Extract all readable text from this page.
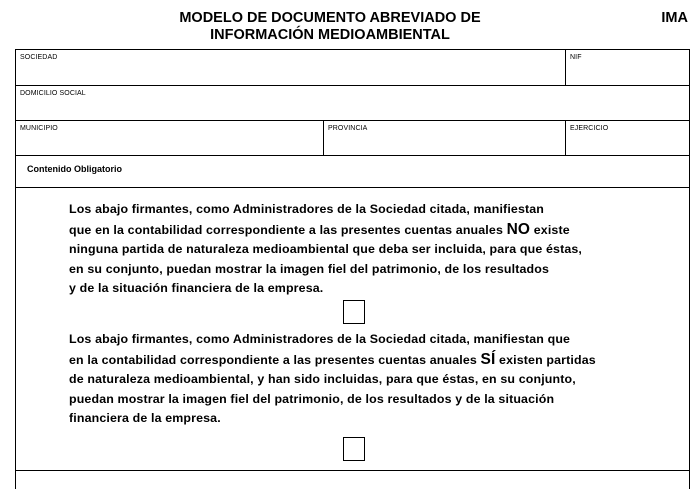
MODELO DE DOCUMENTO ABREVIADO DE
INFORMACIÓN MEDIOAMBIENTAL
IMA
SOCIEDAD	NIF
DOMICILIO SOCIAL
MUNICIPIO	PROVINCIA	EJERCICIO
Contenido Obligatorio
Los abajo firmantes, como Administradores de la Sociedad citada, manifiestan
que en la contabilidad correspondiente a las presentes cuentas anuales NO existe
ninguna partida de naturaleza medioambiental que deba ser incluida, para que éstas,
en su conjunto, puedan mostrar la imagen fiel del patrimonio, de los resultados
y de la situación financiera de la empresa.
Los abajo firmantes, como Administradores de la Sociedad citada, manifiestan que
en la contabilidad correspondiente a las presentes cuentas anuales SÍ existen partidas
de naturaleza medioambiental, y han sido incluidas, para que éstas, en su conjunto,
puedan mostrar la imagen fiel del patrimonio, de los resultados y de la situación
financiera de la empresa.
